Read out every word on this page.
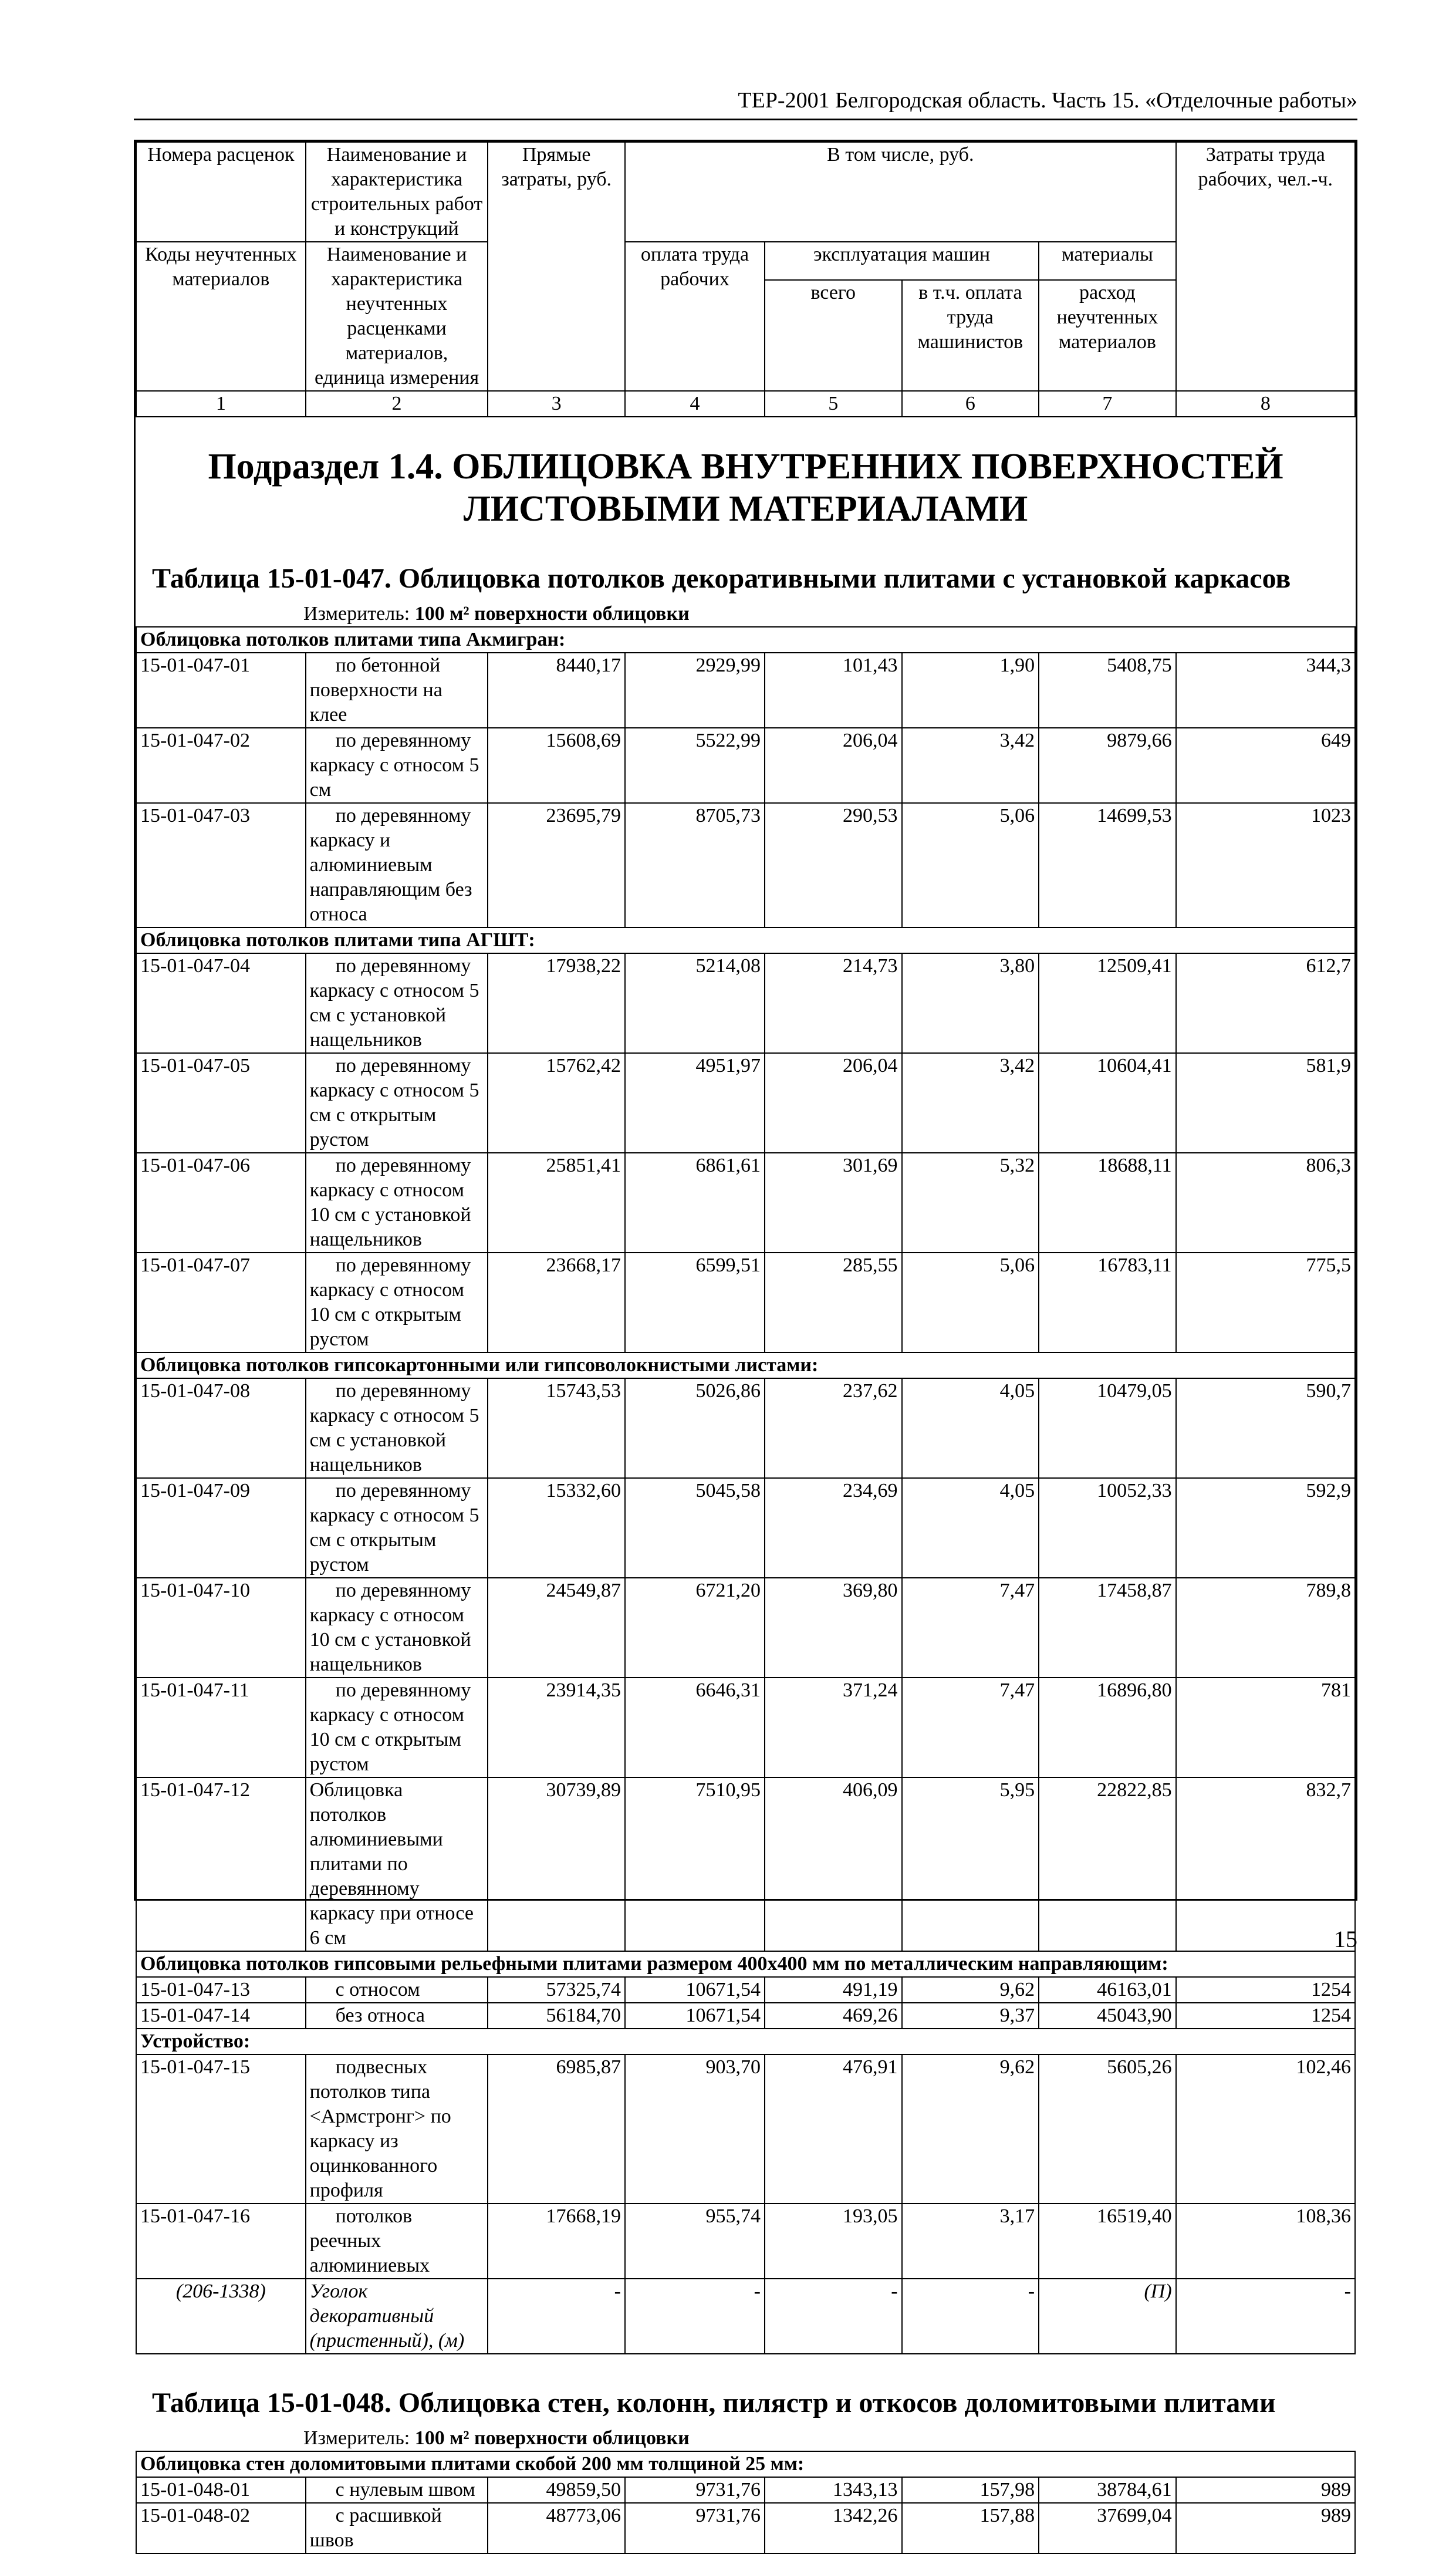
ТЕР-2001 Белгородская область. Часть 15. «Отделочные работы»
Номера расценок	Наименование и характеристика строительных работ и конструкций	Прямые затраты, руб.	В том числе, руб.				Затраты труда рабочих, чел.-ч.
Коды неучтенных материалов	Наименование и характеристика неучтенных расценками материалов, единица измерения		оплата труда рабочих	эксплуатация машин		материалы	
				всего	в т.ч. оплата труда машинистов	расход неучтенных материалов	
1	2	3	4	5	6	7	8
Подраздел 1.4. ОБЛИЦОВКА ВНУТРЕННИХ ПОВЕРХНОСТЕЙ
ЛИСТОВЫМИ МАТЕРИАЛАМИ
Таблица 15-01-047. Облицовка потолков декоративными плитами с установкой каркасов
Измеритель: 100 м² поверхности облицовки
Облицовка потолков плитами типа Акмигран:							
15-01-047-01	по бетонной поверхности на клее	8440,17	2929,99	101,43	1,90	5408,75	344,3
15-01-047-02	по деревянному каркасу с относом 5 см	15608,69	5522,99	206,04	3,42	9879,66	649
15-01-047-03	по деревянному каркасу и алюминиевым направляющим без относа	23695,79	8705,73	290,53	5,06	14699,53	1023
Облицовка потолков плитами типа АГШТ:							
15-01-047-04	по деревянному каркасу с относом 5 см с установкой нащельников	17938,22	5214,08	214,73	3,80	12509,41	612,7
15-01-047-05	по деревянному каркасу с относом 5 см с открытым рустом	15762,42	4951,97	206,04	3,42	10604,41	581,9
15-01-047-06	по деревянному каркасу с относом 10 см с установкой нащельников	25851,41	6861,61	301,69	5,32	18688,11	806,3
15-01-047-07	по деревянному каркасу с относом 10 см с открытым рустом	23668,17	6599,51	285,55	5,06	16783,11	775,5
Облицовка потолков гипсокартонными или гипсоволокнистыми листами:							
15-01-047-08	по деревянному каркасу с относом 5 см с установкой нащельников	15743,53	5026,86	237,62	4,05	10479,05	590,7
15-01-047-09	по деревянному каркасу с относом 5 см с открытым рустом	15332,60	5045,58	234,69	4,05	10052,33	592,9
15-01-047-10	по деревянному каркасу с относом 10 см с установкой нащельников	24549,87	6721,20	369,80	7,47	17458,87	789,8
15-01-047-11	по деревянному каркасу с относом 10 см с открытым рустом	23914,35	6646,31	371,24	7,47	16896,80	781
15-01-047-12	Облицовка потолков алюминиевыми плитами по деревянному каркасу при относе 6 см	30739,89	7510,95	406,09	5,95	22822,85	832,7
Облицовка потолков гипсовыми рельефными плитами размером 400х400 мм по металлическим направляющим:							
15-01-047-13	с относом	57325,74	10671,54	491,19	9,62	46163,01	1254
15-01-047-14	без относа	56184,70	10671,54	469,26	9,37	45043,90	1254
Устройство:							
15-01-047-15	подвесных потолков типа <Армстронг> по каркасу из оцинкованного профиля	6985,87	903,70	476,91	9,62	5605,26	102,46
15-01-047-16	потолков реечных алюминиевых	17668,19	955,74	193,05	3,17	16519,40	108,36
(206-1338)	Уголок декоративный (пристенный), (м)	-	-	-	-	(П)	-
Таблица 15-01-048. Облицовка стен, колонн, пилястр и откосов доломитовыми плитами
Измеритель: 100 м² поверхности облицовки
Облицовка стен доломитовыми плитами скобой 200 мм толщиной 25 мм:							
15-01-048-01	с нулевым швом	49859,50	9731,76	1343,13	157,98	38784,61	989
15-01-048-02	с расшивкой швов	48773,06	9731,76	1342,26	157,88	37699,04	989
15
